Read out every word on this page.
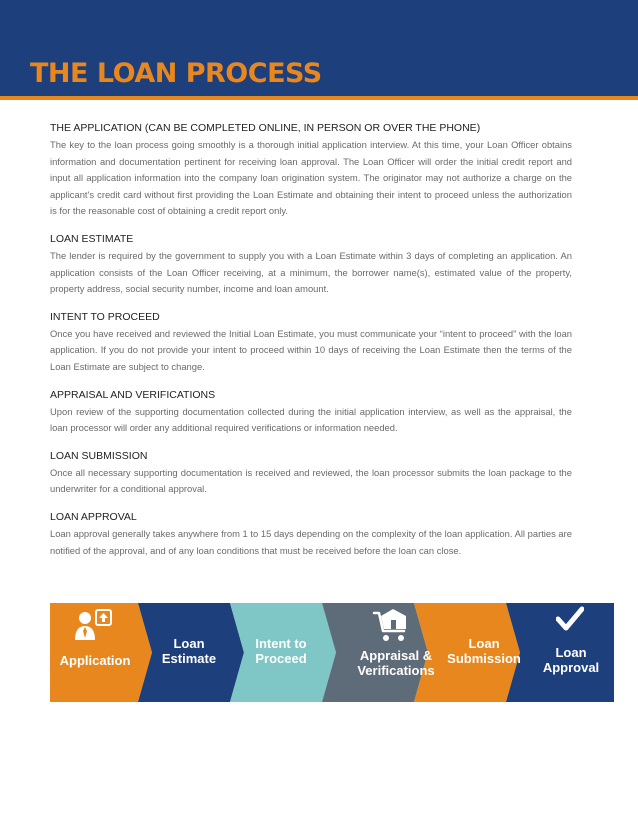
THE LOAN PROCESS

THE APPLICATION (CAN BE COMPLETED ONLINE, IN PERSON OR OVER THE PHONE)

The key to the loan process going smoothly is a thorough initial application interview. At this time, your Loan Officer obtains information and documentation pertinent for receiving loan approval. The Loan Officer will order the initial credit report and input all application information into the company loan origination system. The originator may not authorize a charge on the applicant's credit card without first providing the Loan Estimate and obtaining their intent to proceed unless the authorization is for the reasonable cost of obtaining a credit report only.

LOAN ESTIMATE

The lender is required by the government to supply you with a Loan Estimate within 3 days of completing an application. An application consists of the Loan Officer receiving, at a minimum, the borrower name(s), estimated value of the property, property address, social security number, income and loan amount.

INTENT TO PROCEED

Once you have received and reviewed the Initial Loan Estimate, you must communicate your “intent to proceed” with the loan application. If you do not provide your intent to proceed within 10 days of receiving the Loan Estimate then the terms of the Loan Estimate are subject to change.

APPRAISAL AND VERIFICATIONS

Upon review of the supporting documentation collected during the initial application interview, as well as the appraisal, the loan processor will order any additional required verifications or information needed.

LOAN SUBMISSION

Once all necessary supporting documentation is received and reviewed, the loan processor submits the loan package to the underwriter for a conditional approval.

LOAN APPROVAL

Loan approval generally takes anywhere from 1 to 15 days depending on the complexity of the loan application. All parties are notified of the approval, and of any loan conditions that must be received before the loan can close.

Application
Loan
Estimate
Intent to
Proceed	Appraisal &
Verifications
Loan
Submission	Loan
Approval
